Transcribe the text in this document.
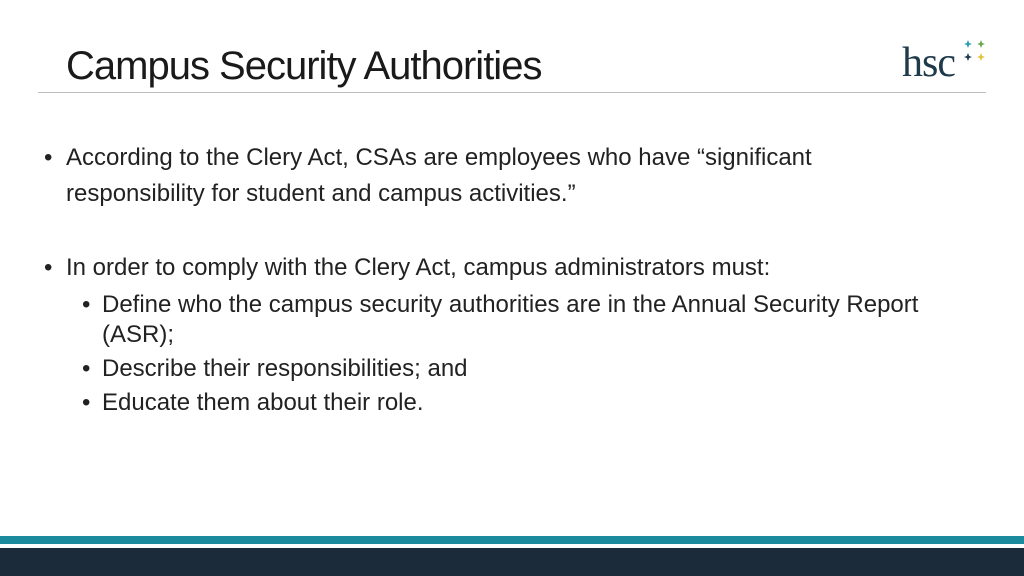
Campus Security Authorities	hsc
• According to the Clery Act, CSAs are employees who have “significant responsibility for student and campus activities.”
• In order to comply with the Clery Act, campus administrators must:
• Define who the campus security authorities are in the Annual Security Report (ASR);
• Describe their responsibilities; and
• Educate them about their role.
